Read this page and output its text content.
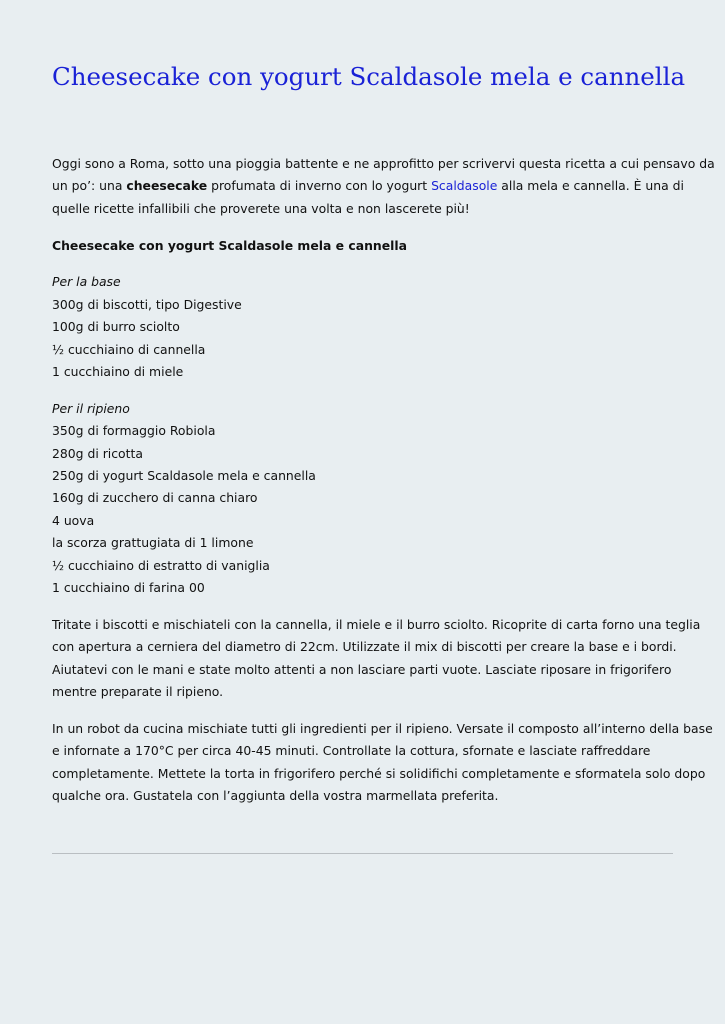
Cheesecake con yogurt Scaldasole mela e cannella

Oggi sono a Roma, sotto una pioggia battente e ne approfitto per scrivervi questa ricetta a cui pensavo da
un po’: una cheesecake profumata di inverno con lo yogurt Scaldasole alla mela e cannella. È una di
quelle ricette infallibili che proverete una volta e non lascerete più!

Cheesecake con yogurt Scaldasole mela e cannella

Per la base
300g di biscotti, tipo Digestive
100g di burro sciolto
½ cucchiaino di cannella
1 cucchiaino di miele

Per il ripieno
350g di formaggio Robiola
280g di ricotta
250g di yogurt Scaldasole mela e cannella
160g di zucchero di canna chiaro
4 uova
la scorza grattugiata di 1 limone
½ cucchiaino di estratto di vaniglia
1 cucchiaino di farina 00

Tritate i biscotti e mischiateli con la cannella, il miele e il burro sciolto. Ricoprite di carta forno una teglia
con apertura a cerniera del diametro di 22cm. Utilizzate il mix di biscotti per creare la base e i bordi.
Aiutatevi con le mani e state molto attenti a non lasciare parti vuote. Lasciate riposare in frigorifero
mentre preparate il ripieno.

In un robot da cucina mischiate tutti gli ingredienti per il ripieno. Versate il composto all’interno della base
e infornate a 170°C per circa 40-45 minuti. Controllate la cottura, sfornate e lasciate raffreddare
completamente. Mettete la torta in frigorifero perché si solidifichi completamente e sformatela solo dopo
qualche ora. Gustatela con l’aggiunta della vostra marmellata preferita.
